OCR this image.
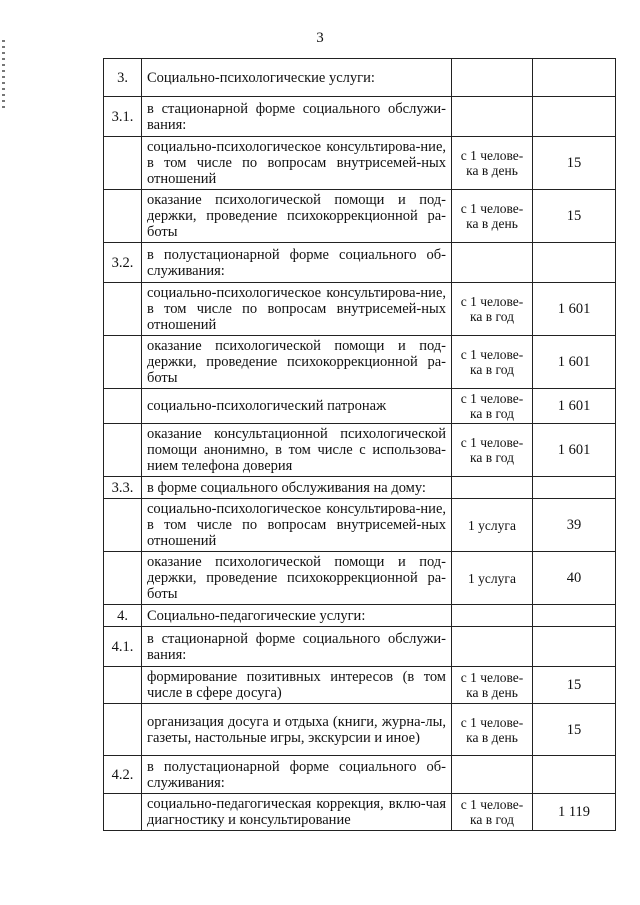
3
3.	Социально-психологические услуги:		
3.1.	в стационарной форме социального обслужи-вания:		
	социально-психологическое консультирова-ние, в том числе по вопросам внутрисемей-ных отношений	с 1 челове-ка в день	15
	оказание психологической помощи и под-держки, проведение психокоррекционной ра-боты	с 1 челове-ка в день	15
3.2.	в полустационарной форме социального об-служивания:		
	социально-психологическое консультирова-ние, в том числе по вопросам внутрисемей-ных отношений	с 1 челове-ка в год	1 601
	оказание психологической помощи и под-держки, проведение психокоррекционной ра-боты	с 1 челове-ка в год	1 601
	социально-психологический патронаж	с 1 челове-ка в год	1 601
	оказание консультационной психологической помощи анонимно, в том числе с использова-нием телефона доверия	с 1 челове-ка в год	1 601
3.3.	в форме социального обслуживания на дому:		
	социально-психологическое консультирова-ние, в том числе по вопросам внутрисемей-ных отношений	1 услуга	39
	оказание психологической помощи и под-держки, проведение психокоррекционной ра-боты	1 услуга	40
4.	Социально-педагогические услуги:		
4.1.	в стационарной форме социального обслужи-вания:		
	формирование позитивных интересов (в том числе в сфере досуга)	с 1 челове-ка в день	15
	организация досуга и отдыха (книги, журна-лы, газеты, настольные игры, экскурсии и иное)	с 1 челове-ка в день	15
4.2.	в полустационарной форме социального об-служивания:		
	социально-педагогическая коррекция, вклю-чая диагностику и консультирование	с 1 челове-ка в год	1 119
